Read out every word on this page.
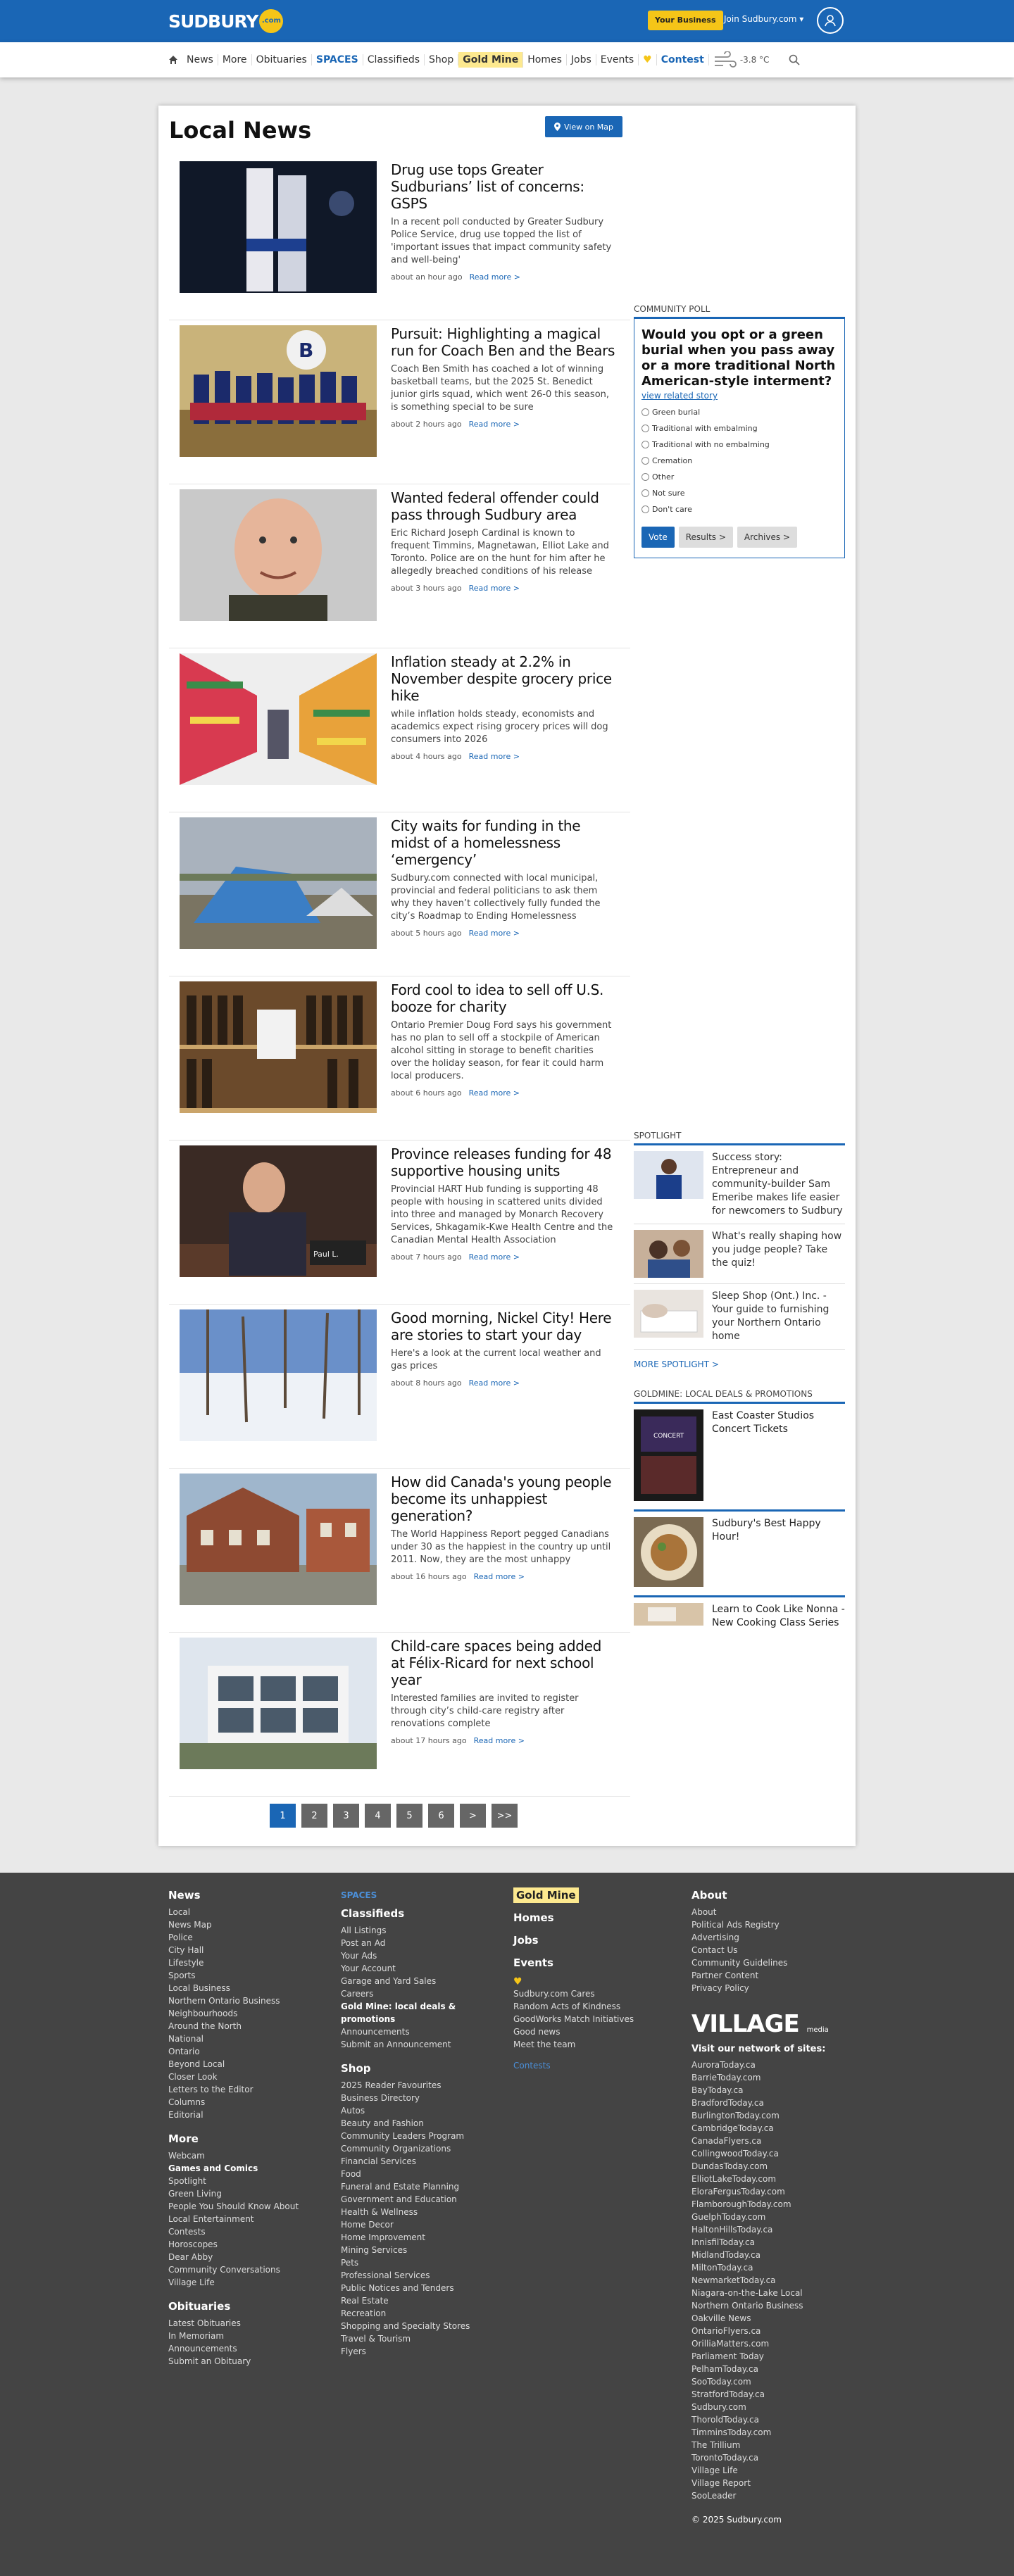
SUDBURY .com	Your Business Join Sudbury.com ▾
News More Obituaries SPACES Classifieds Shop Gold Mine Homes Jobs Events ♥ Contest	-3.8 °C
Local News	View on Map
Drug use tops Greater Sudburians’ list of concerns: GSPS

In a recent poll conducted by Greater Sudbury Police Service, drug use topped the list of 'important issues that impact community safety and well-being'

about an hour ago Read more >
B
Pursuit: Highlighting a magical run for Coach Ben and the Bears

Coach Ben Smith has coached a lot of winning basketball teams, but the 2025 St. Benedict junior girls squad, which went 26-0 this season, is something special to be sure

about 2 hours ago Read more >
Wanted federal offender could pass through Sudbury area

Eric Richard Joseph Cardinal is known to frequent Timmins, Magnetawan, Elliot Lake and Toronto. Police are on the hunt for him after he allegedly breached conditions of his release

about 3 hours ago Read more >
Inflation steady at 2.2% in November despite grocery price hike

while inflation holds steady, economists and academics expect rising grocery prices will dog consumers into 2026

about 4 hours ago Read more >
City waits for funding in the midst of a homelessness ‘emergency’

Sudbury.com connected with local municipal, provincial and federal politicians to ask them why they haven’t collectively fully funded the city’s Roadmap to Ending Homelessness

about 5 hours ago Read more >
Ford cool to idea to sell off U.S. booze for charity

Ontario Premier Doug Ford says his government has no plan to sell off a stockpile of American alcohol sitting in storage to benefit charities over the holiday season, for fear it could harm local producers.

about 6 hours ago Read more >
Paul L.
Province releases funding for 48 supportive housing units

Provincial HART Hub funding is supporting 48 people with housing in scattered units divided into three and managed by Monarch Recovery Services, Shkagamik-Kwe Health Centre and the Canadian Mental Health Association

about 7 hours ago Read more >
Good morning, Nickel City! Here are stories to start your day

Here's a look at the current local weather and gas prices

about 8 hours ago Read more >
How did Canada's young people become its unhappiest generation?

The World Happiness Report pegged Canadians under 30 as the happiest in the country up until 2011. Now, they are the most unhappy

about 16 hours ago Read more >
Child-care spaces being added at Félix-Ricard for next school year

Interested families are invited to register through city’s child-care registry after renovations complete

about 17 hours ago Read more >
1	2	3	4	5	6	>	>>
COMMUNITY POLL
Would you opt or a green burial when you pass away or a more traditional North American-style interment?
view related story
Green burial
Traditional with embalming
Traditional with no embalming
Cremation
Other
Not sure
Don't care
Vote	Results >	Archives >
SPOTLIGHT
Success story: Entrepreneur and community-builder Sam Emeribe makes life easier for newcomers to Sudbury
What's really shaping how you judge people? Take the quiz!
Sleep Shop (Ont.) Inc. - Your guide to furnishing your Northern Ontario home
MORE SPOTLIGHT >
GOLDMINE: LOCAL DEALS & PROMOTIONS
CONCERT
East Coaster Studios Concert Tickets
Sudbury's Best Happy Hour!
Learn to Cook Like Nonna - New Cooking Class Series
News
Local
News Map
Police
City Hall
Lifestyle
Sports
Local Business
Northern Ontario Business
Neighbourhoods
Around the North
National
Ontario
Beyond Local
Closer Look
Letters to the Editor
Columns
Editorial
More
Webcam
Games and Comics
Spotlight
Green Living
People You Should Know About
Local Entertainment
Contests
Horoscopes
Dear Abby
Community Conversations
Village Life
Obituaries
Latest Obituaries
In Memoriam
Announcements
Submit an Obituary
SPACES
Classifieds
All Listings
Post an Ad
Your Ads
Your Account
Garage and Yard Sales
Careers
Gold Mine: local deals & promotions
Announcements
Submit an Announcement
Shop
2025 Reader Favourites
Business Directory
Autos
Beauty and Fashion
Community Leaders Program
Community Organizations
Financial Services
Food
Funeral and Estate Planning
Government and Education
Health & Wellness
Home Decor
Home Improvement
Mining Services
Pets
Professional Services
Public Notices and Tenders
Real Estate
Recreation
Shopping and Specialty Stores
Travel & Tourism
Flyers
Gold Mine
Homes
Jobs
Events
♥
Sudbury.com Cares
Random Acts of Kindness
GoodWorks Match Initiatives
Good news
Meet the team
Contests
About
About
Political Ads Registry
Advertising
Contact Us
Community Guidelines
Partner Content
Privacy Policy
VILLAGE media
Visit our network of sites:
AuroraToday.ca
BarrieToday.com
BayToday.ca
BradfordToday.ca
BurlingtonToday.com
CambridgeToday.ca
CanadaFlyers.ca
CollingwoodToday.ca
DundasToday.com
ElliotLakeToday.com
EloraFergusToday.com
FlamboroughToday.com
GuelphToday.com
HaltonHillsToday.ca
InnisfilToday.ca
MidlandToday.ca
MiltonToday.ca
NewmarketToday.ca
Niagara-on-the-Lake Local
Northern Ontario Business
Oakville News
OntarioFlyers.ca
OrilliaMatters.com
Parliament Today
PelhamToday.ca
SooToday.com
StratfordToday.ca
Sudbury.com
ThoroldToday.ca
TimminsToday.com
The Trillium
TorontoToday.ca
Village Life
Village Report
SooLeader
© 2025 Sudbury.com
